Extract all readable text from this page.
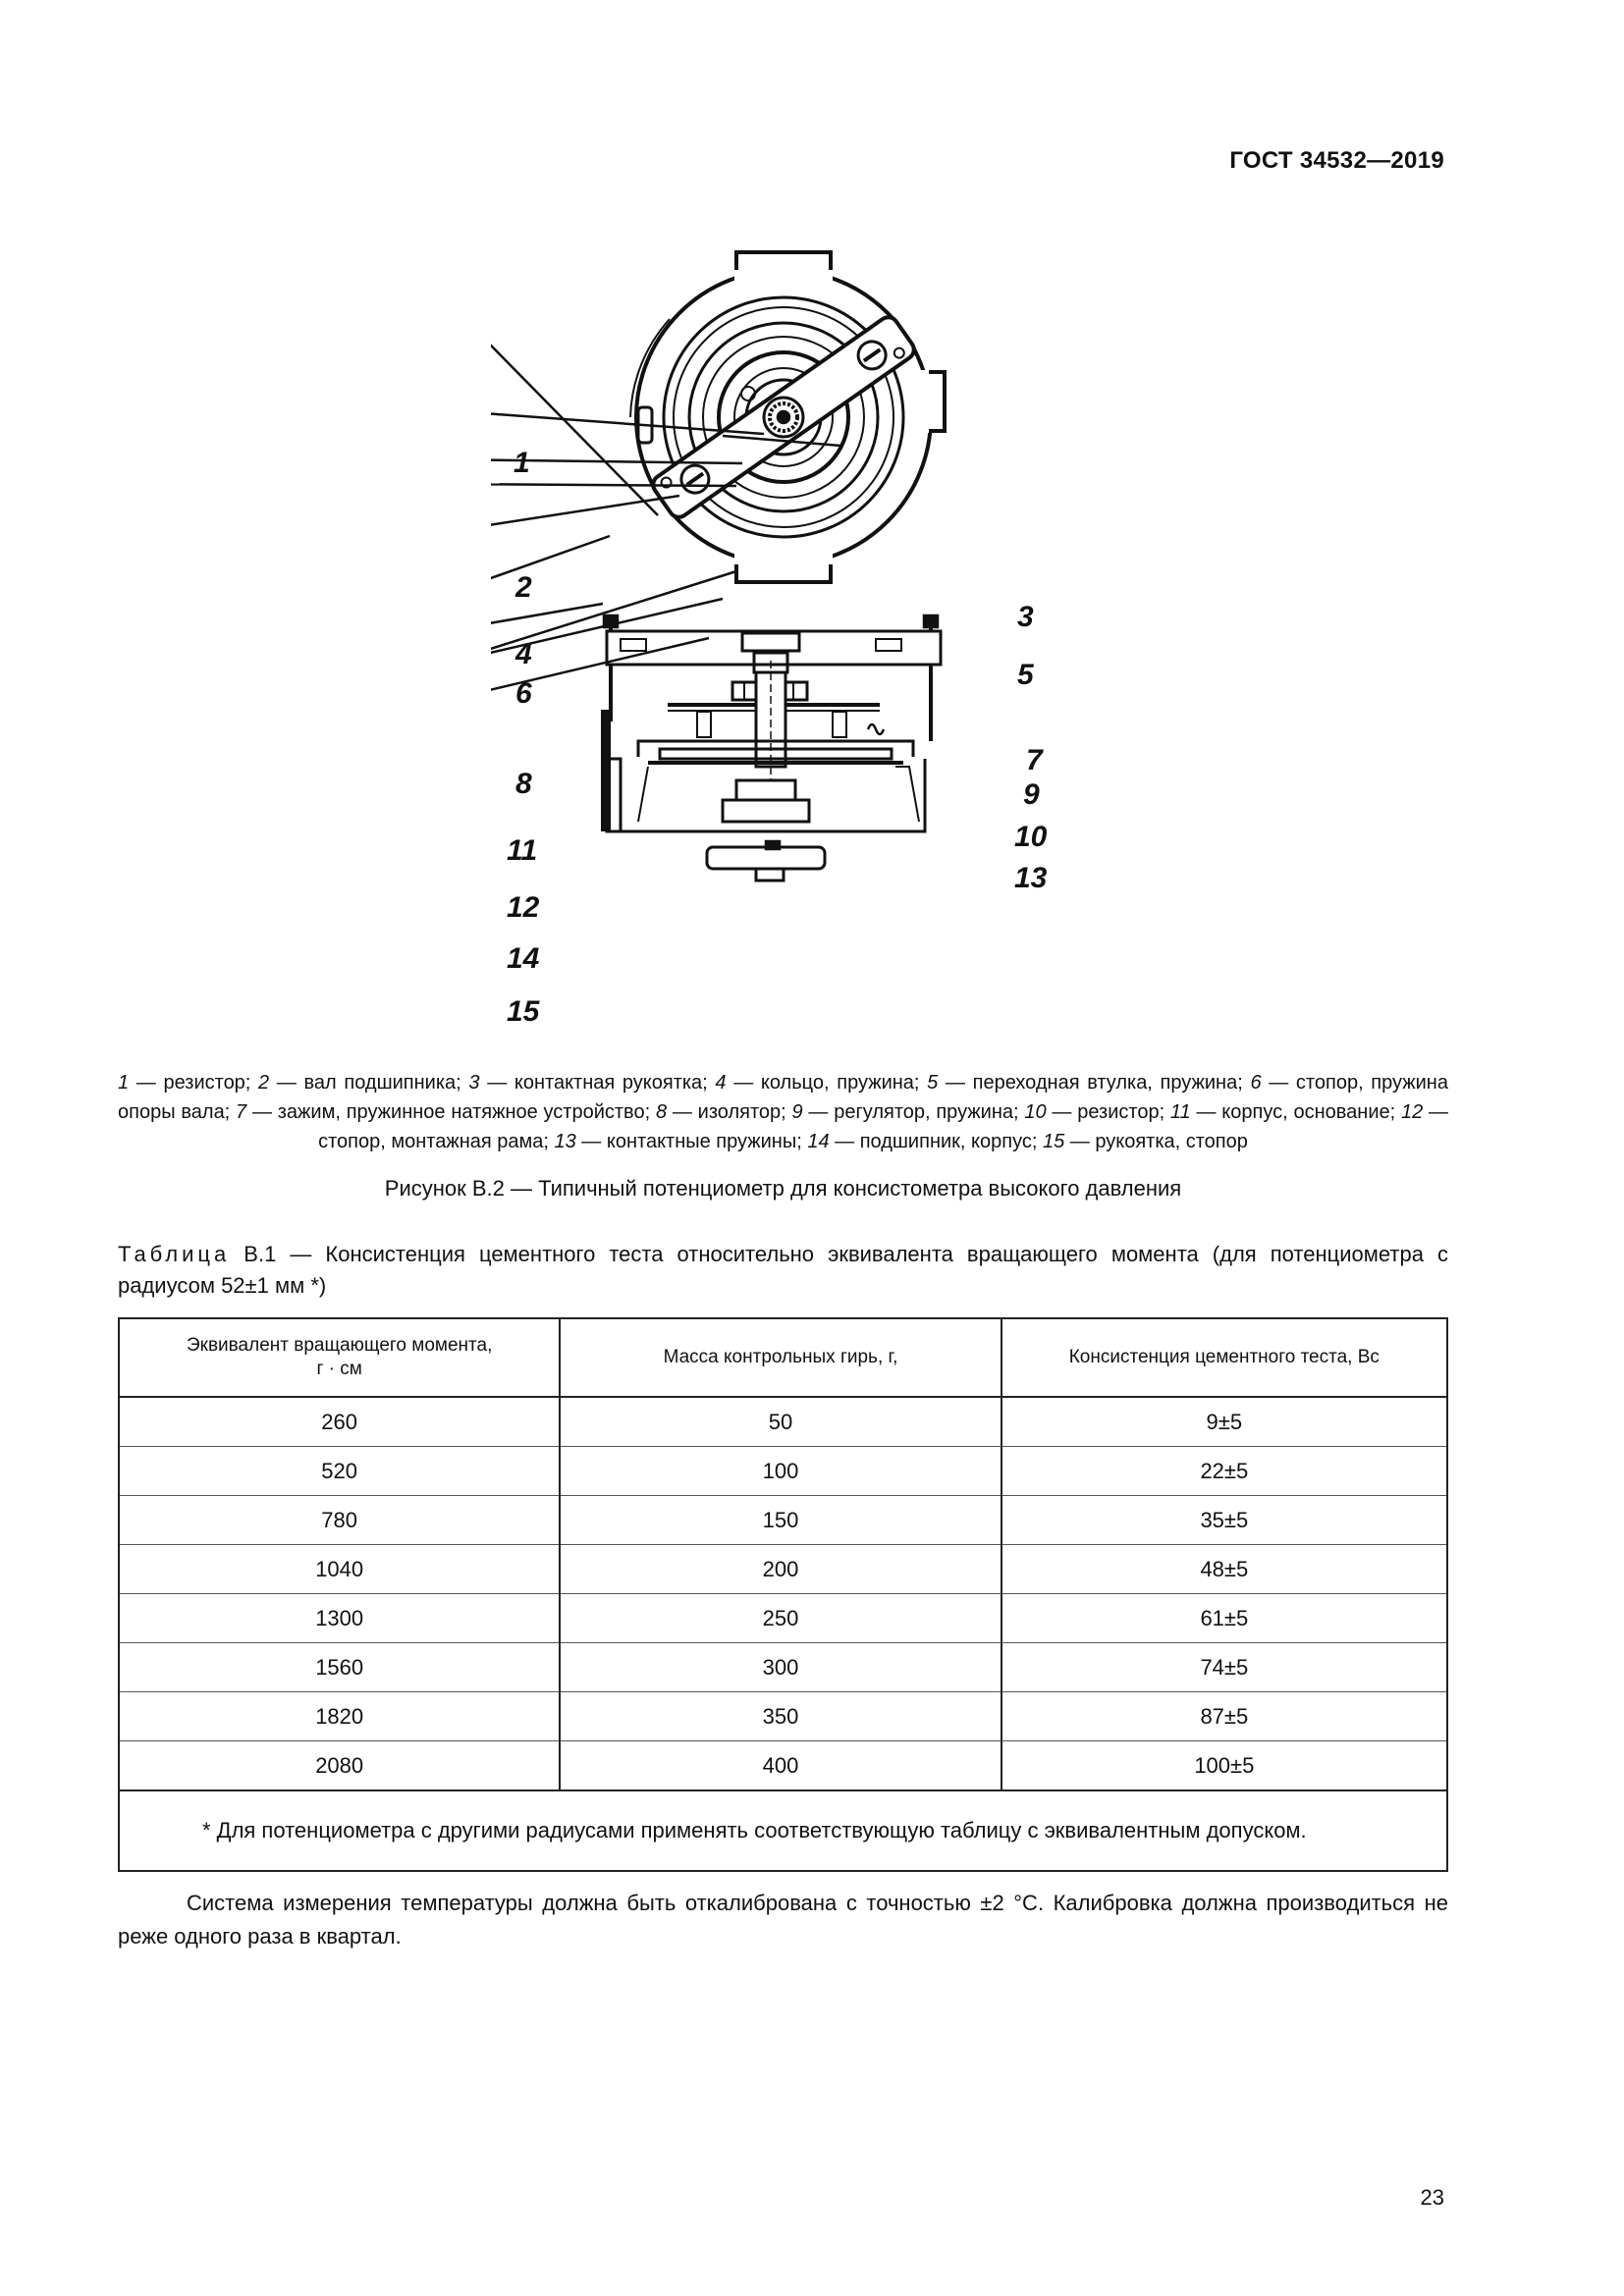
ГОСТ 34532—2019
1
2
3
4
5
6
7
8	9
10
11
13
12
14
15
1 — резистор; 2 — вал подшипника; 3 — контактная рукоятка; 4 — кольцо, пружина; 5 — переходная втулка, пружина; 6 — стопор, пружина опоры вала; 7 — зажим, пружинное натяжное устройство; 8 — изолятор; 9 — регулятор, пружина; 10 — резистор; 11 — корпус, основание; 12 — стопор, монтажная рама; 13 — контактные пружины; 14 — подшипник, корпус; 15 — рукоятка, стопор
Рисунок В.2 — Типичный потенциометр для консистометра высокого давления
Таблица В.1 — Консистенция цементного теста относительно эквивалента вращающего момента (для потенциометра с радиусом 52±1 мм *)
Эквивалент вращающего момента,
г · см	Масса контрольных гирь, г,	Консистенция цементного теста, Вс
260	50	9±5
520	100	22±5
780	150	35±5
1040	200	48±5
1300	250	61±5
1560	300	74±5
1820	350	87±5
2080	400	100±5
* Для потенциометра с другими радиусами применять соответствующую таблицу с эквивалентным допуском.		
Система измерения температуры должна быть откалибрована с точностью ±2 °С. Калибровка должна производиться не реже одного раза в квартал.
23
